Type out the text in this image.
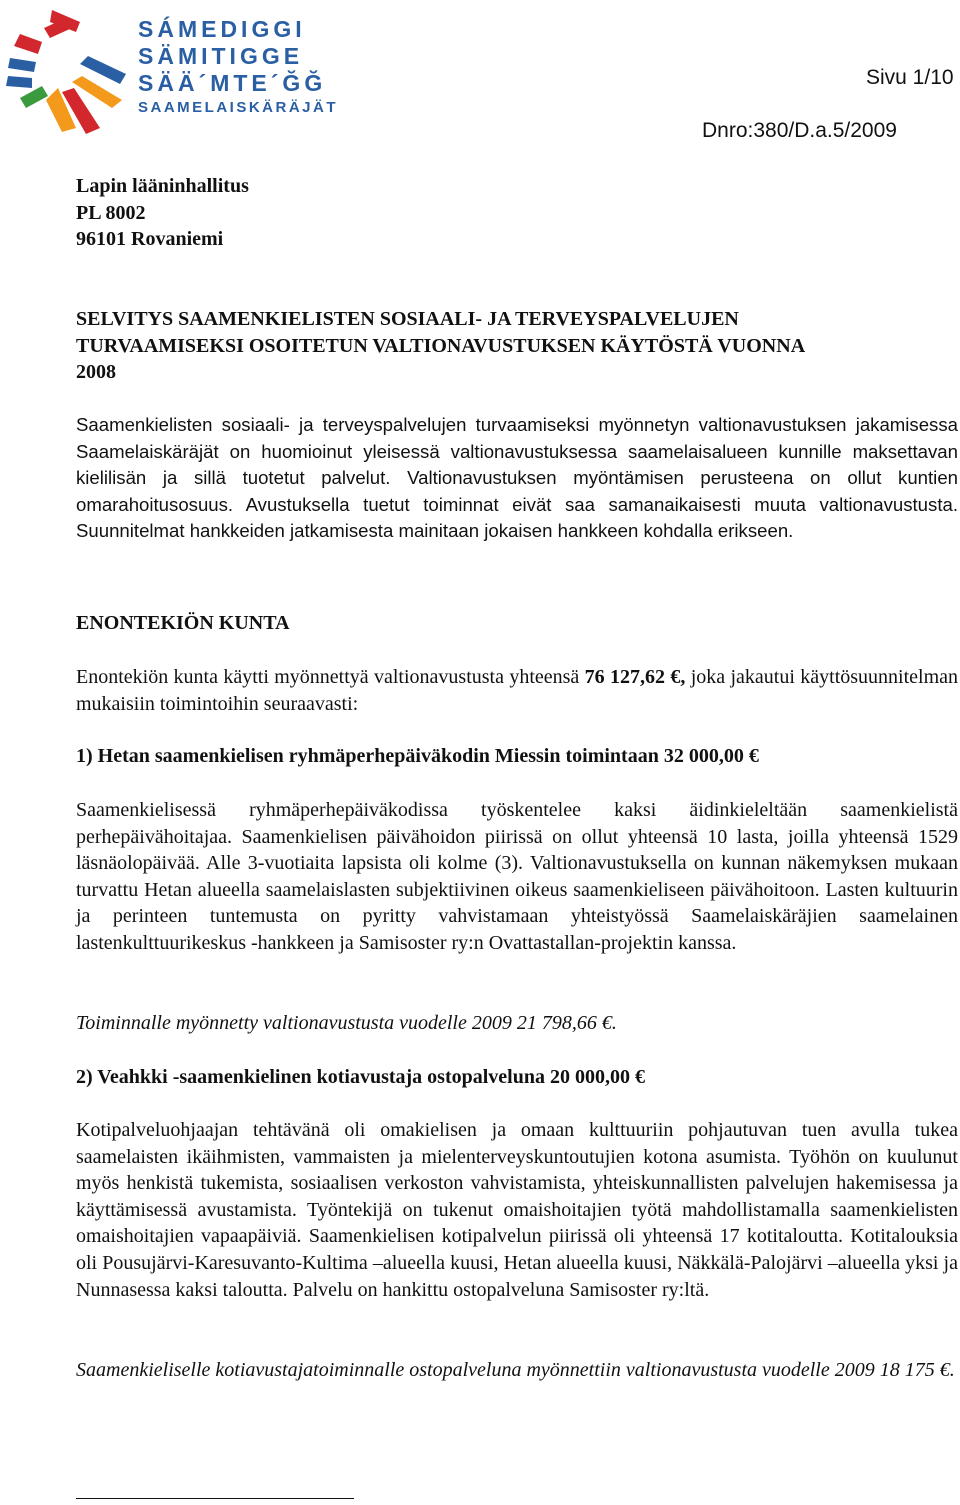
SÁMEDIGGI
SÄMITIGGE
SÄÄ´MTE´ĞĞ
SAAMELAISKÄRÄJÄT
Sivu 1/10
Dnro:380/D.a.5/2009
Lapin lääninhallitus
PL 8002
96101 Rovaniemi
SELVITYS SAAMENKIELISTEN SOSIAALI- JA TERVEYSPALVELUJEN
TURVAAMISEKSI OSOITETUN VALTIONAVUSTUKSEN KÄYTÖSTÄ VUONNA
2008
Saamenkielisten sosiaali- ja terveyspalvelujen turvaamiseksi myönnetyn valtionavustuksen jakamisessa Saamelaiskäräjät on huomioinut yleisessä valtionavustuksessa saamelaisalueen kunnille maksettavan kielilisän ja sillä tuotetut palvelut. Valtionavustuksen myöntämisen perusteena on ollut kuntien omarahoitusosuus. Avustuksella tuetut toiminnat eivät saa samanaikaisesti muuta valtionavustusta. Suunnitelmat hankkeiden jatkamisesta mainitaan jokaisen hankkeen kohdalla erikseen.
ENONTEKIÖN KUNTA
Enontekiön kunta käytti myönnettyä valtionavustusta yhteensä 76 127,62 €, joka jakautui käyttösuunnitelman mukaisiin toimintoihin seuraavasti:
1) Hetan saamenkielisen ryhmäperhepäiväkodin Miessin toimintaan 32 000,00 €
Saamenkielisessä ryhmäperhepäiväkodissa työskentelee kaksi äidinkieleltään saamenkielistä perhepäivähoitajaa. Saamenkielisen päivähoidon piirissä on ollut yhteensä 10 lasta, joilla yhteensä 1529 läsnäolopäivää. Alle 3-vuotiaita lapsista oli kolme (3). Valtionavustuksella on kunnan näkemyksen mukaan turvattu Hetan alueella saamelaislasten subjektiivinen oikeus saamenkieliseen päivähoitoon. Lasten kultuurin ja perinteen tuntemusta on pyritty vahvistamaan yhteistyössä Saamelaiskäräjien saamelainen lastenkulttuurikeskus -hankkeen ja Samisoster ry:n Ovattastallan-projektin kanssa.
Toiminnalle myönnetty valtionavustusta vuodelle 2009 21 798,66 €.
2) Veahkki -saamenkielinen kotiavustaja ostopalveluna 20 000,00 €
Kotipalveluohjaajan tehtävänä oli omakielisen ja omaan kulttuuriin pohjautuvan tuen avulla tukea saamelaisten ikäihmisten, vammaisten ja mielenterveyskuntoutujien kotona asumista. Työhön on kuulunut myös henkistä tukemista, sosiaalisen verkoston vahvistamista, yhteiskunnallisten palvelujen hakemisessa ja käyttämisessä avustamista. Työntekijä on tukenut omaishoitajien työtä mahdollistamalla saamenkielisten omaishoitajien vapaapäiviä. Saamenkielisen kotipalvelun piirissä oli yhteensä 17 kotitaloutta. Kotitalouksia oli Pousujärvi-Karesuvanto-Kultima –alueella kuusi, Hetan alueella kuusi, Näkkälä-Palojärvi –alueella yksi ja Nunnasessa kaksi taloutta. Palvelu on hankittu ostopalveluna Samisoster ry:ltä.
Saamenkieliselle kotiavustajatoiminnalle ostopalveluna myönnettiin valtionavustusta vuodelle 2009 18 175 €.
